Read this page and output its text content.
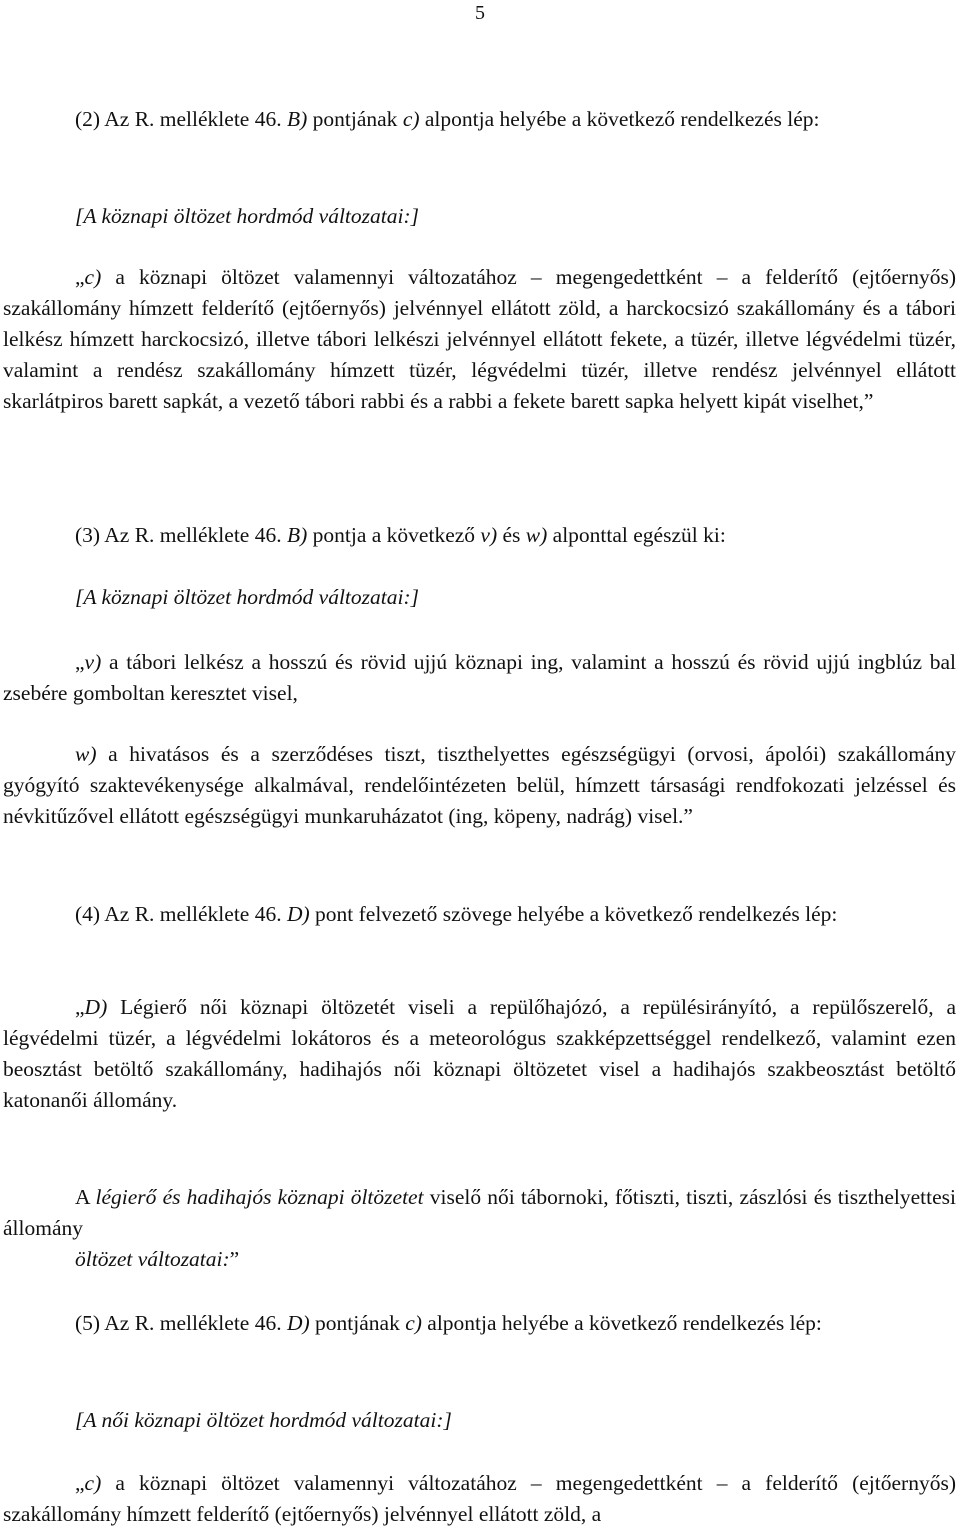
5

(2) Az R. melléklete 46. B) pontjának c) alpontja helyébe a következő rendelkezés lép:

[A köznapi öltözet hordmód változatai:]

„c) a köznapi öltözet valamennyi változatához – megengedettként – a felderítő (ejtőernyős) szakállomány hímzett felderítő (ejtőernyős) jelvénnyel ellátott zöld, a harckocsizó szakállomány és a tábori lelkész hímzett harckocsizó, illetve tábori lelkészi jelvénnyel ellátott fekete, a tüzér, illetve légvédelmi tüzér, valamint a rendész szakállomány hímzett tüzér, légvédelmi tüzér, illetve rendész jelvénnyel ellátott skarlátpiros barett sapkát, a vezető tábori rabbi és a rabbi a fekete barett sapka helyett kipát viselhet,”

(3) Az R. melléklete 46. B) pontja a következő v) és w) alponttal egészül ki:

[A köznapi öltözet hordmód változatai:]

„v) a tábori lelkész a hosszú és rövid ujjú köznapi ing, valamint a hosszú és rövid ujjú ingblúz bal zsebére gomboltan keresztet visel,

w) a hivatásos és a szerződéses tiszt, tiszthelyettes egészségügyi (orvosi, ápolói) szakállomány gyógyító szaktevékenysége alkalmával, rendelőintézeten belül, hímzett társasági rendfokozati jelzéssel és névkitűzővel ellátott egészségügyi munkaruházatot (ing, köpeny, nadrág) visel.”

(4) Az R. melléklete 46. D) pont felvezető szövege helyébe a következő rendelkezés lép:

„D) Légierő női köznapi öltözetét viseli a repülőhajózó, a repülésirányító, a repülőszerelő, a légvédelmi tüzér, a légvédelmi lokátoros és a meteorológus szakképzettséggel rendelkező, valamint ezen beosztást betöltő szakállomány, hadihajós női köznapi öltözetet visel a hadihajós szakbeosztást betöltő katonanői állomány.

A légierő és hadihajós köznapi öltözetet viselő női tábornoki, főtiszti, tiszti, zászlósi és tiszthelyettesi állomány

öltözet változatai:”

(5) Az R. melléklete 46. D) pontjának c) alpontja helyébe a következő rendelkezés lép:

[A női köznapi öltözet hordmód változatai:]

„c) a köznapi öltözet valamennyi változatához – megengedettként – a felderítő (ejtőernyős) szakállomány hímzett felderítő (ejtőernyős) jelvénnyel ellátott zöld, a
